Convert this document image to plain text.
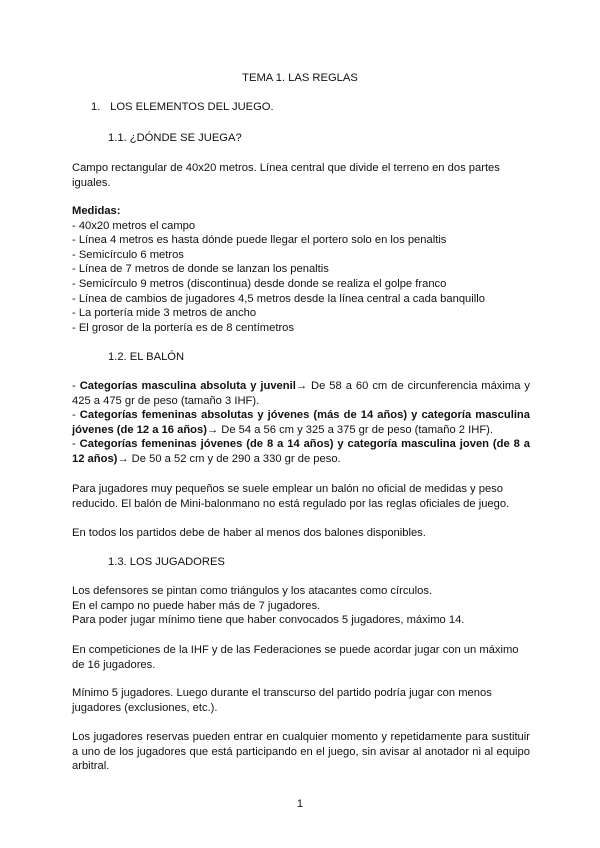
TEMA 1. LAS REGLAS
1. LOS ELEMENTOS DEL JUEGO.
1.1. ¿DÓNDE SE JUEGA?

Campo rectangular de 40x20 metros. Línea central que divide el terreno en dos partes iguales.

Medidas:
- 40x20 metros el campo
- Línea 4 metros es hasta dónde puede llegar el portero solo en los penaltis
- Semicírculo 6 metros
- Línea de 7 metros de donde se lanzan los penaltis
- Semicírculo 9 metros (discontinua) desde donde se realiza el golpe franco
- Línea de cambios de jugadores 4,5 metros desde la línea central a cada banquillo
- La portería mide 3 metros de ancho
- El grosor de la portería es de 8 centímetros
1.2. EL BALÓN

- Categorías masculina absoluta y juvenil→ De 58 a 60 cm de circunferencia máxima y 425 a 475 gr de peso (tamaño 3 IHF).

- Categorías femeninas absolutas y jóvenes (más de 14 años) y categoría masculina jóvenes (de 12 a 16 años)→ De 54 a 56 cm y 325 a 375 gr de peso (tamaño 2 IHF).

- Categorías femeninas jóvenes (de 8 a 14 años) y categoría masculina joven (de 8 a 12 años)→ De 50 a 52 cm y de 290 a 330 gr de peso.

Para jugadores muy pequeños se suele emplear un balón no oficial de medidas y peso reducido. El balón de Mini-balonmano no está regulado por las reglas oficiales de juego.

En todos los partidos debe de haber al menos dos balones disponibles.

1.3. LOS JUGADORES
Los defensores se pintan como triángulos y los atacantes como círculos.
En el campo no puede haber más de 7 jugadores.
Para poder jugar mínimo tiene que haber convocados 5 jugadores, máximo 14.

En competiciones de la IHF y de las Federaciones se puede acordar jugar con un máximo de 16 jugadores.

Mínimo 5 jugadores. Luego durante el transcurso del partido podría jugar con menos jugadores (exclusiones, etc.).

Los jugadores reservas pueden entrar en cualquier momento y repetidamente para sustituir a uno de los jugadores que está participando en el juego, sin avisar al anotador ni al equipo arbitral.

1
